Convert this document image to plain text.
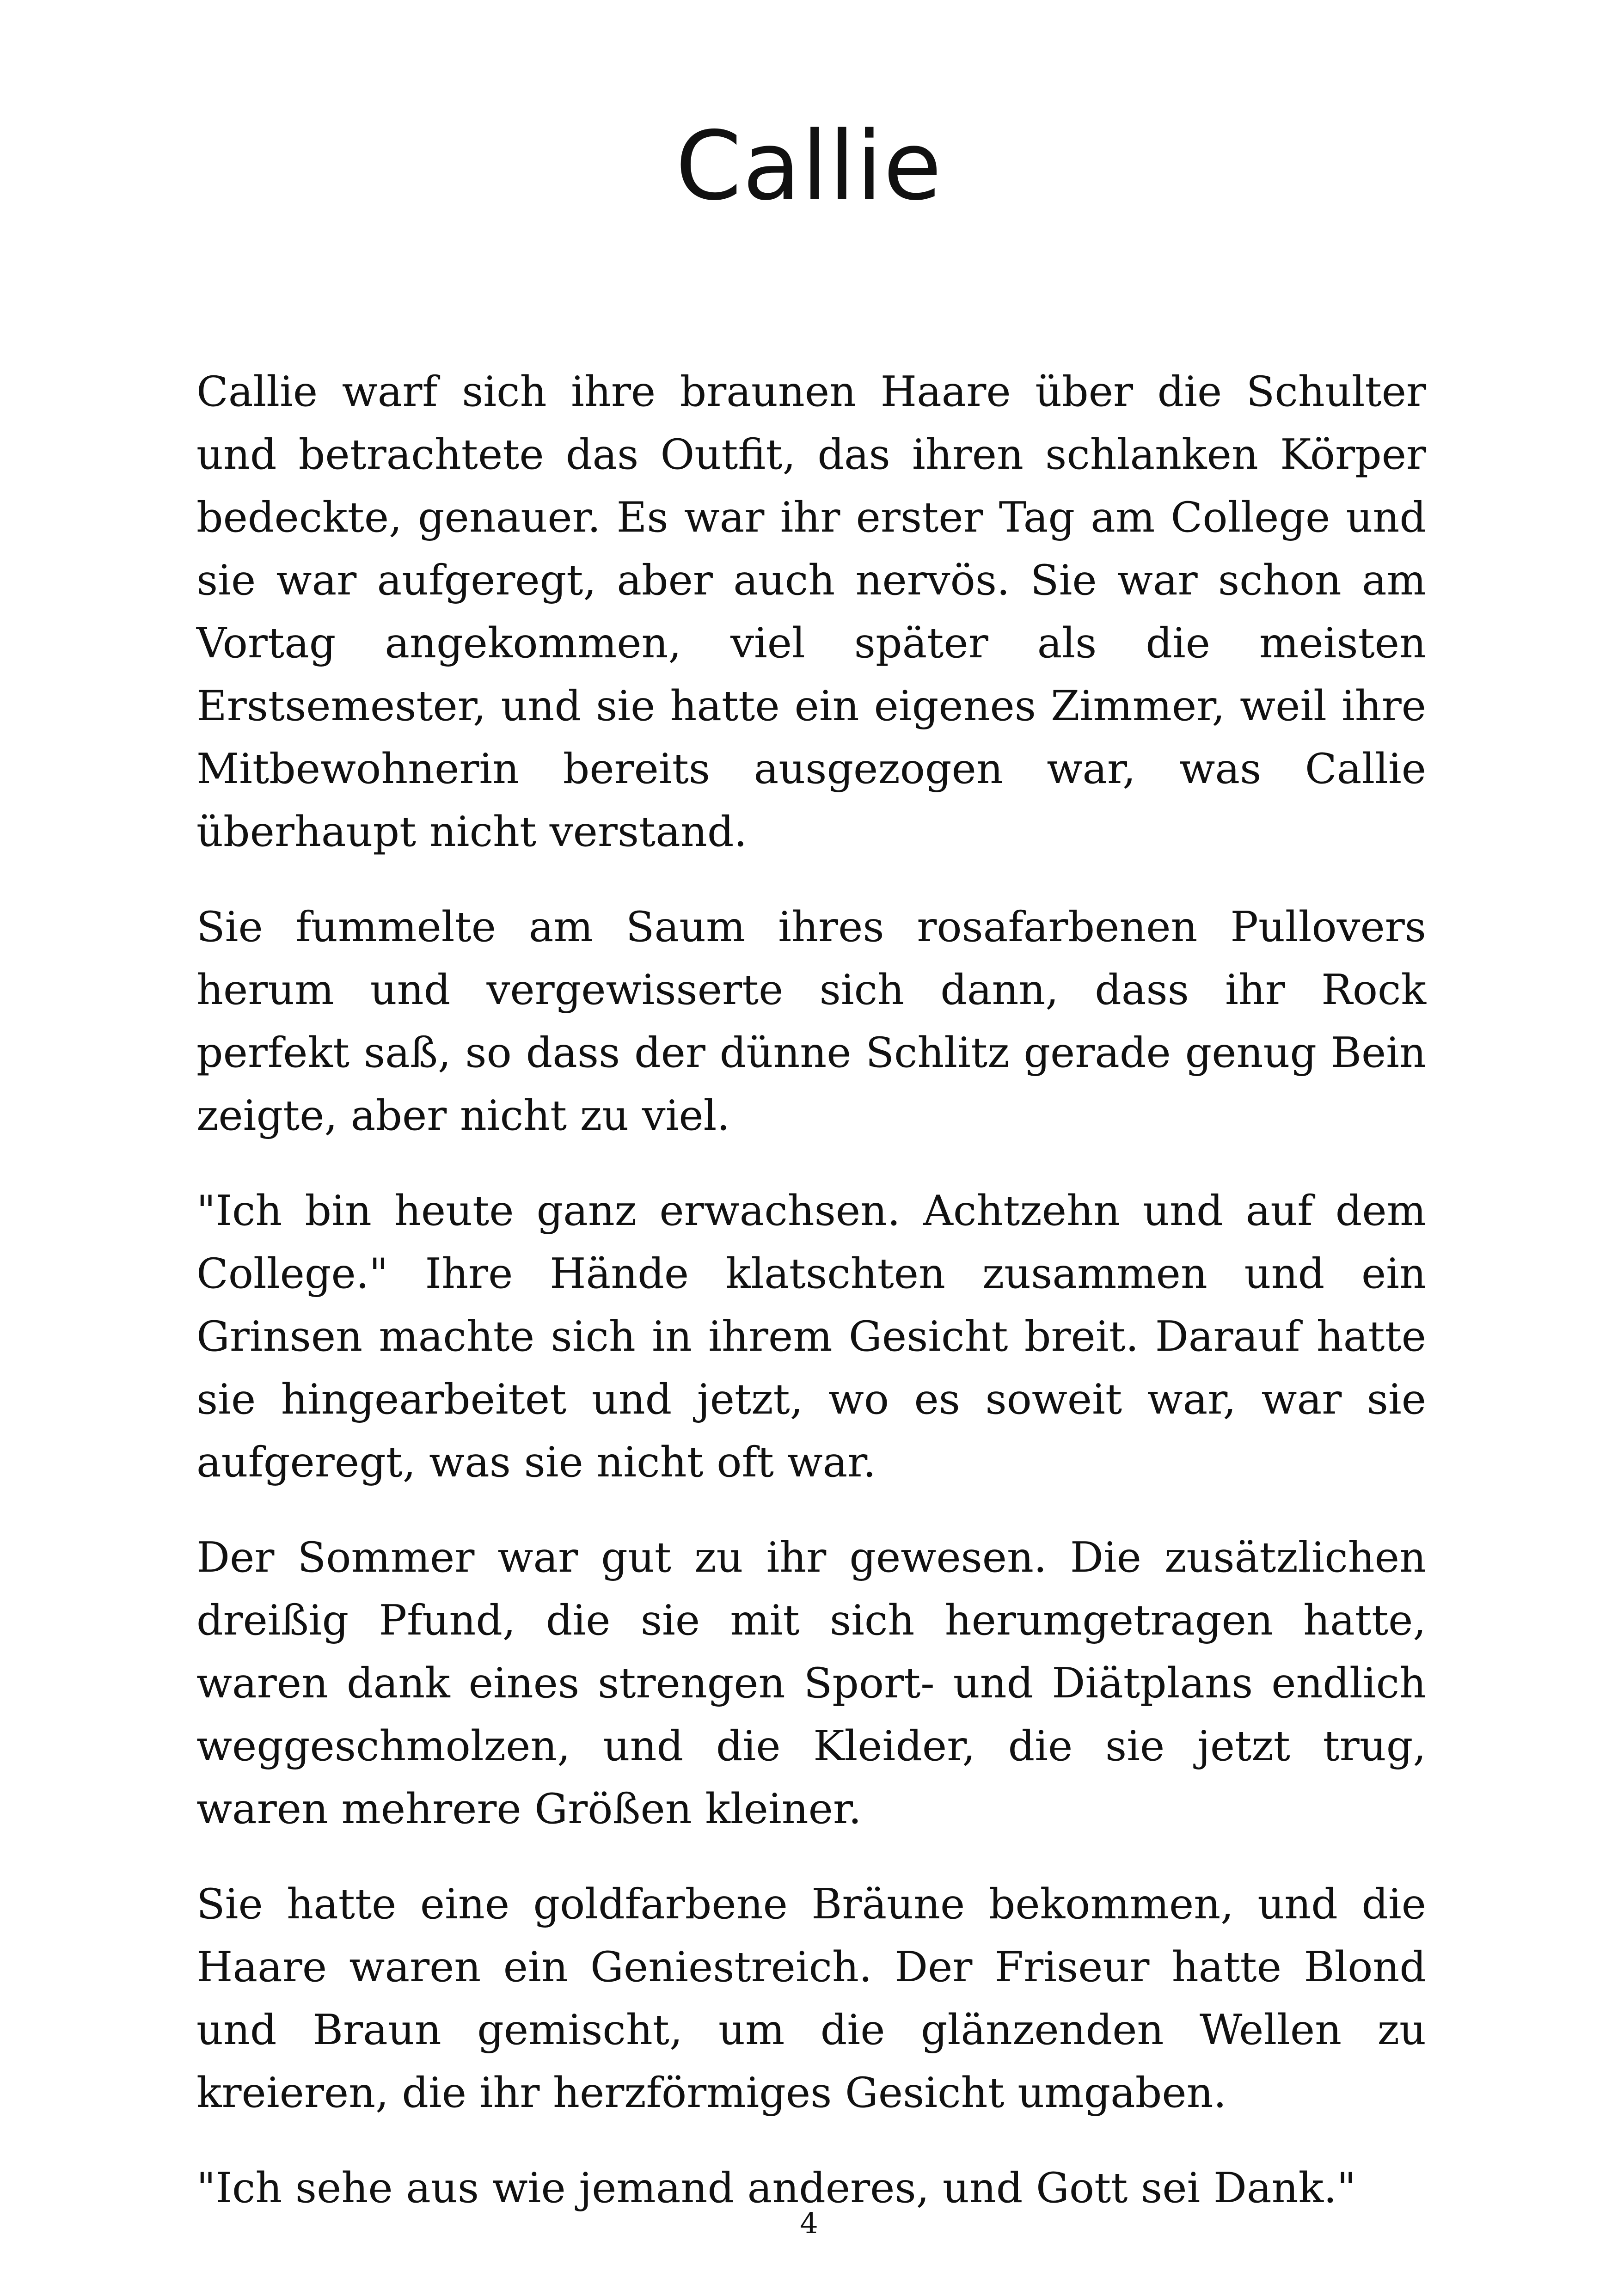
Callie

Callie warf sich ihre braunen Haare über die Schulter und betrachtete das Outfit, das ihren schlanken Körper bedeckte, genauer. Es war ihr erster Tag am College und sie war aufgeregt, aber auch nervös. Sie war schon am Vortag angekommen, viel später als die meisten Erstsemester, und sie hatte ein eigenes Zimmer, weil ihre Mitbewohnerin bereits ausgezogen war, was Callie überhaupt nicht verstand.

Sie fummelte am Saum ihres rosafarbenen Pullovers herum und vergewisserte sich dann, dass ihr Rock perfekt saß, so dass der dünne Schlitz gerade genug Bein zeigte, aber nicht zu viel.

"Ich bin heute ganz erwachsen. Achtzehn und auf dem College." Ihre Hände klatschten zusammen und ein Grinsen machte sich in ihrem Gesicht breit. Darauf hatte sie hingearbeitet und jetzt, wo es soweit war, war sie aufgeregt, was sie nicht oft war.

Der Sommer war gut zu ihr gewesen. Die zusätzlichen dreißig Pfund, die sie mit sich herumgetragen hatte, waren dank eines strengen Sport- und Diätplans endlich weggeschmolzen, und die Kleider, die sie jetzt trug, waren mehrere Größen kleiner.

Sie hatte eine goldfarbene Bräune bekommen, und die Haare waren ein Geniestreich. Der Friseur hatte Blond und Braun gemischt, um die glänzenden Wellen zu kreieren, die ihr herzförmiges Gesicht umgaben.

"Ich sehe aus wie jemand anderes, und Gott sei Dank."

4
